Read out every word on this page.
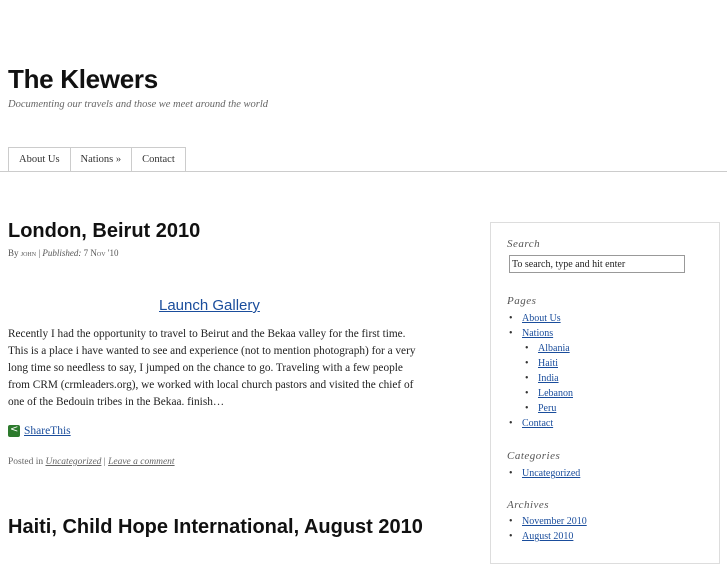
The Klewers
Documenting our travels and those we meet around the world
About Us	Nations »	Contact
London, Beirut 2010
By john | Published: 7 Nov '10
Launch Gallery

Recently I had the opportunity to travel to Beirut and the Bekaa valley for the first time. This is a place i have wanted to see and experience (not to mention photograph) for a very long time so needless to say, I jumped on the chance to go. Traveling with a few people from CRM (crmleaders.org), we worked with local church pastors and visited the chief of one of the Bedouin tribes in the Bekaa. finish…

<
ShareThis
Posted in Uncategorized | Leave a comment
Haiti, Child Hope International, August 2010
Search
To search, type and hit enter
Pages
• About Us
• Nations
• Albania
• Haiti
• India
• Lebanon
• Peru
• Contact
Categories
• Uncategorized
Archives
• November 2010
• August 2010
